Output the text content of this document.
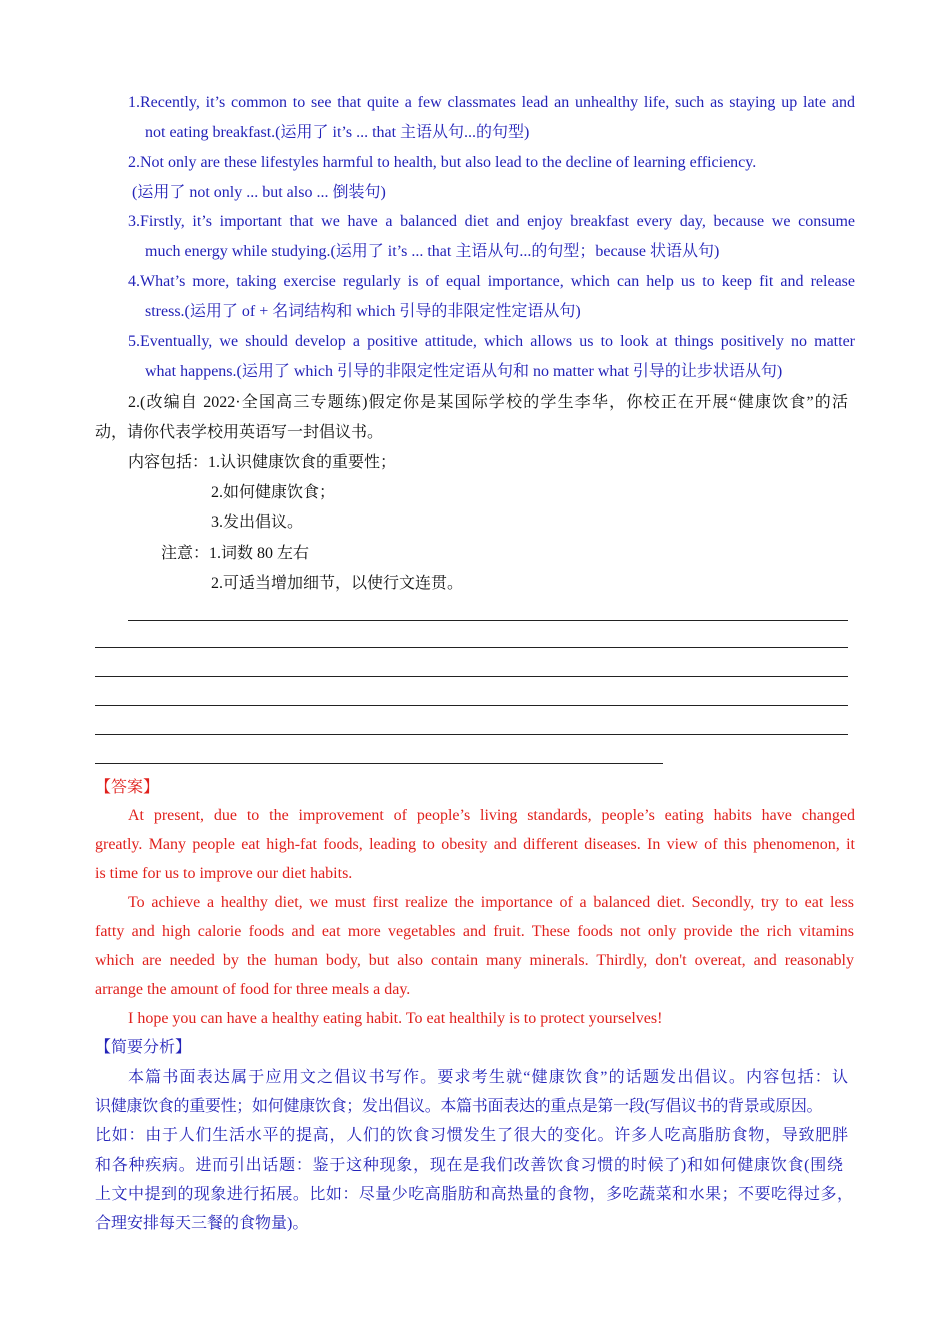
1.Recently, it’s common to see that quite a few classmates lead an unhealthy life, such as staying up late and
not eating breakfast.(运用了 it’s ... that 主语从句...的句型)
2.Not only are these lifestyles harmful to health, but also lead to the decline of learning efficiency.
(运用了 not only ... but also ... 倒装句)
3.Firstly, it’s important that we have a balanced diet and enjoy breakfast every day, because we consume
much energy while studying.(运用了 it’s ... that 主语从句...的句型；because 状语从句)
4.What’s more, taking exercise regularly is of equal importance, which can help us to keep fit and release
stress.(运用了 of + 名词结构和 which 引导的非限定性定语从句)
5.Eventually, we should develop a positive attitude, which allows us to look at things positively no matter
what happens.(运用了 which 引导的非限定性定语从句和 no matter what 引导的让步状语从句)
2.(改编自 2022·全国高三专题练)假定你是某国际学校的学生李华，你校正在开展“健康饮食”的活
动，请你代表学校用英语写一封倡议书。
内容包括：1.认识健康饮食的重要性；
2.如何健康饮食；
3.发出倡议。
注意：1.词数 80 左右
2.可适当增加细节，以使行文连贯。
【答案】
At present, due to the improvement of people’s living standards, people’s eating habits have changed
greatly. Many people eat high-fat foods, leading to obesity and different diseases. In view of this phenomenon, it
is time for us to improve our diet habits.
To achieve a healthy diet, we must first realize the importance of a balanced diet. Secondly, try to eat less
fatty and high calorie foods and eat more vegetables and fruit. These foods not only provide the rich vitamins
which are needed by the human body, but also contain many minerals. Thirdly, don't overeat, and reasonably
arrange the amount of food for three meals a day.
I hope you can have a healthy eating habit. To eat healthily is to protect yourselves!
【简要分析】
本篇书面表达属于应用文之倡议书写作。要求考生就“健康饮食”的话题发出倡议。内容包括：认
识健康饮食的重要性；如何健康饮食；发出倡议。本篇书面表达的重点是第一段(写倡议书的背景或原因。
比如：由于人们生活水平的提高，人们的饮食习惯发生了很大的变化。许多人吃高脂肪食物，导致肥胖
和各种疾病。进而引出话题：鉴于这种现象，现在是我们改善饮食习惯的时候了)和如何健康饮食(围绕
上文中提到的现象进行拓展。比如：尽量少吃高脂肪和高热量的食物，多吃蔬菜和水果；不要吃得过多，
合理安排每天三餐的食物量)。
